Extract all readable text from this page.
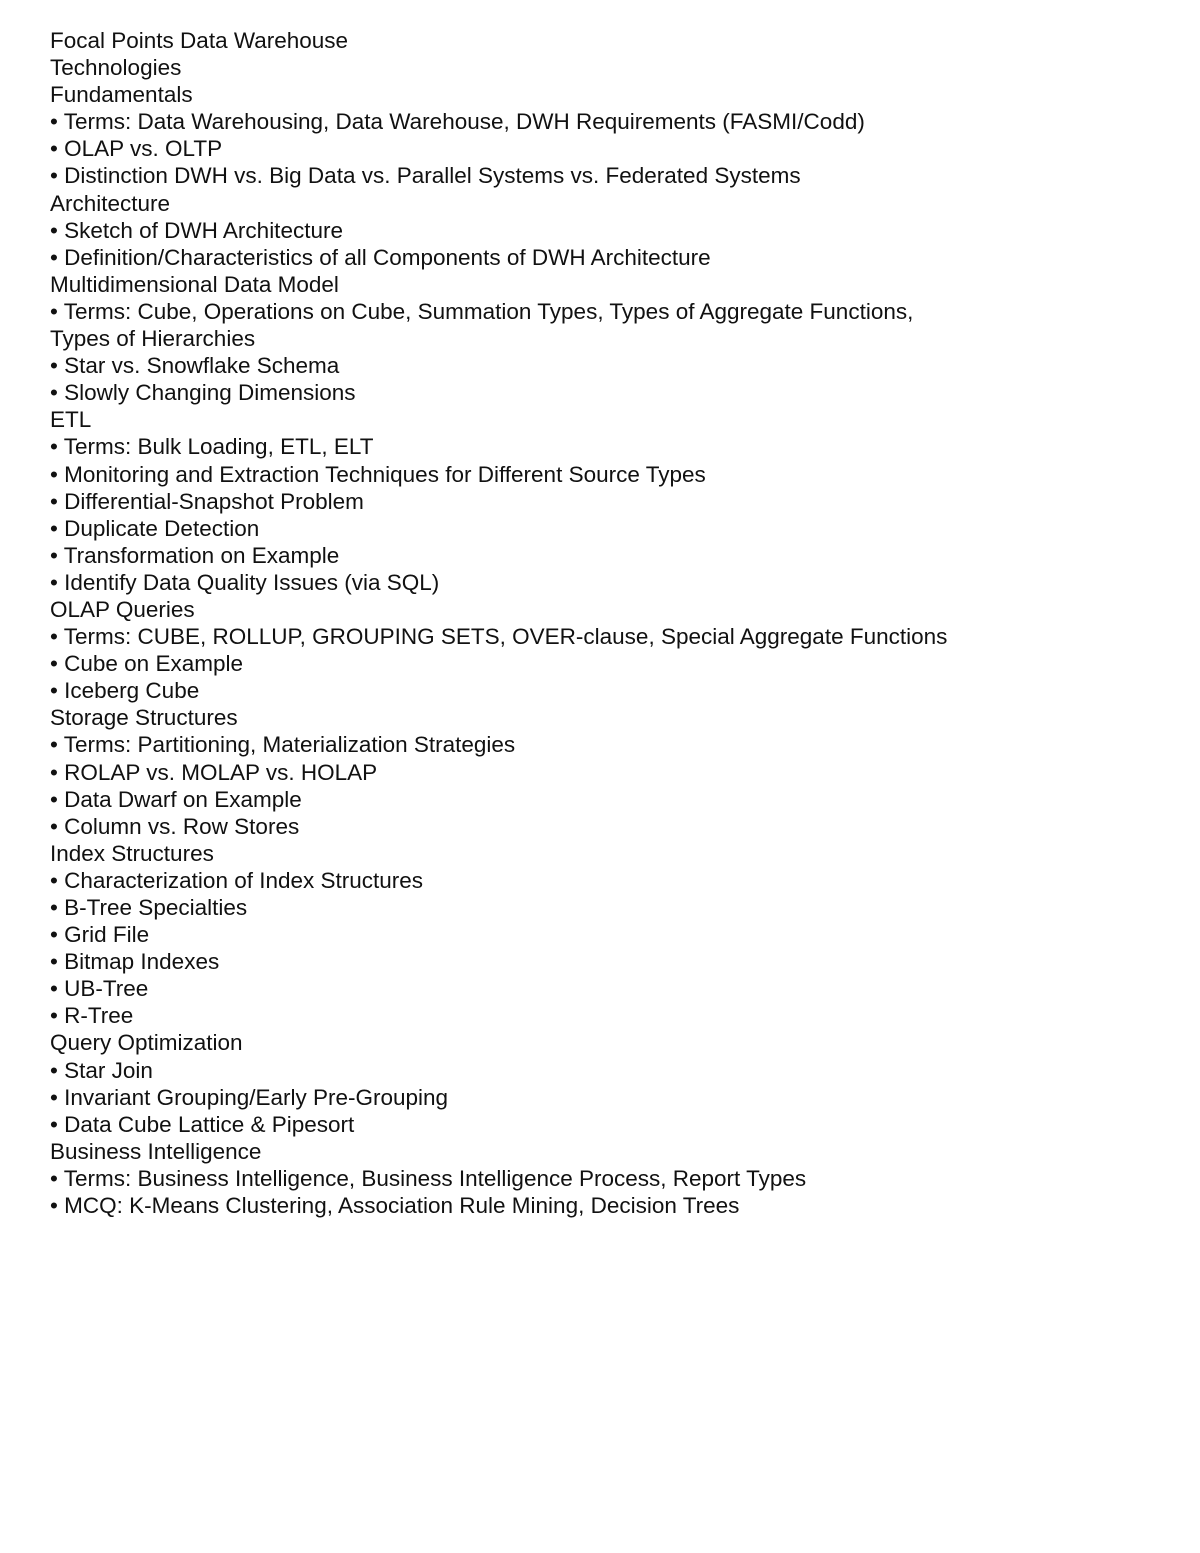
Focal Points Data Warehouse
Technologies
Fundamentals
• Terms: Data Warehousing, Data Warehouse, DWH Requirements (FASMI/Codd)
• OLAP vs. OLTP
• Distinction DWH vs. Big Data vs. Parallel Systems vs. Federated Systems
Architecture
• Sketch of DWH Architecture
• Definition/Characteristics of all Components of DWH Architecture
Multidimensional Data Model
• Terms: Cube, Operations on Cube, Summation Types, Types of Aggregate Functions,
Types of Hierarchies
• Star vs. Snowflake Schema
• Slowly Changing Dimensions
ETL
• Terms: Bulk Loading, ETL, ELT
• Monitoring and Extraction Techniques for Different Source Types
• Differential-Snapshot Problem
• Duplicate Detection
• Transformation on Example
• Identify Data Quality Issues (via SQL)
OLAP Queries
• Terms: CUBE, ROLLUP, GROUPING SETS, OVER-clause, Special Aggregate Functions
• Cube on Example
• Iceberg Cube
Storage Structures
• Terms: Partitioning, Materialization Strategies
• ROLAP vs. MOLAP vs. HOLAP
• Data Dwarf on Example
• Column vs. Row Stores
Index Structures
• Characterization of Index Structures
• B-Tree Specialties
• Grid File
• Bitmap Indexes
• UB-Tree
• R-Tree
Query Optimization
• Star Join
• Invariant Grouping/Early Pre-Grouping
• Data Cube Lattice & Pipesort
Business Intelligence
• Terms: Business Intelligence, Business Intelligence Process, Report Types
• MCQ: K-Means Clustering, Association Rule Mining, Decision Trees
